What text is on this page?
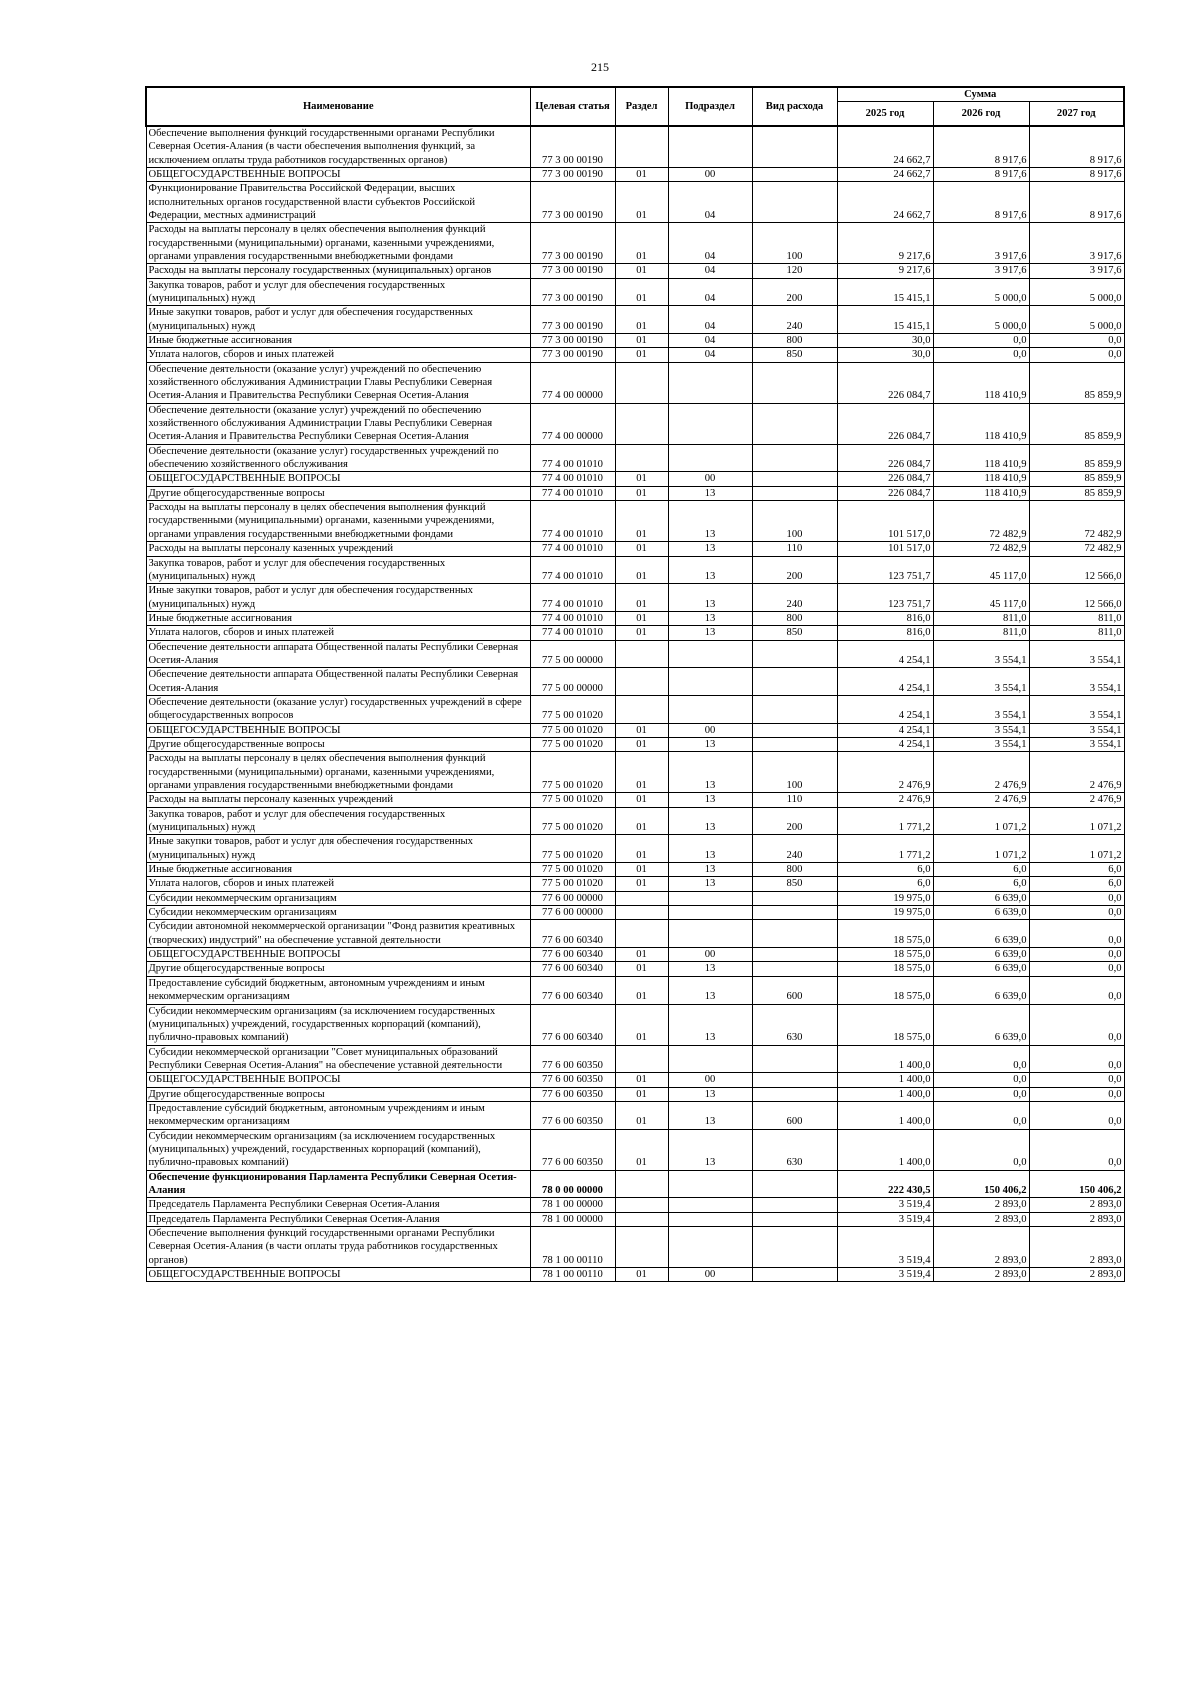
215
Наименование	Целевая статья	Раздел	Подраздел	Вид расхода	Сумма		
					2025 год	2026 год	2027 год
Обеспечение выполнения функций государственными органами Республики Северная Осетия-Алания (в части обеспечения выполнения функций, за исключением оплаты труда работников государственных органов)	77 3 00 00190				24 662,7	8 917,6	8 917,6
ОБЩЕГОСУДАРСТВЕННЫЕ ВОПРОСЫ	77 3 00 00190	01	00		24 662,7	8 917,6	8 917,6
Функционирование Правительства Российской Федерации, высших исполнительных органов государственной власти субъектов Российской Федерации, местных администраций	77 3 00 00190	01	04		24 662,7	8 917,6	8 917,6
Расходы на выплаты персоналу в целях обеспечения выполнения функций государственными (муниципальными) органами, казенными учреждениями, органами управления государственными внебюджетными фондами	77 3 00 00190	01	04	100	9 217,6	3 917,6	3 917,6
Расходы на выплаты персоналу государственных (муниципальных) органов	77 3 00 00190	01	04	120	9 217,6	3 917,6	3 917,6
Закупка товаров, работ и услуг для обеспечения государственных (муниципальных) нужд	77 3 00 00190	01	04	200	15 415,1	5 000,0	5 000,0
Иные закупки товаров, работ и услуг для обеспечения государственных (муниципальных) нужд	77 3 00 00190	01	04	240	15 415,1	5 000,0	5 000,0
Иные бюджетные ассигнования	77 3 00 00190	01	04	800	30,0	0,0	0,0
Уплата налогов, сборов и иных платежей	77 3 00 00190	01	04	850	30,0	0,0	0,0
Обеспечение деятельности (оказание услуг) учреждений по обеспечению хозяйственного обслуживания Администрации Главы Республики Северная Осетия-Алания и Правительства Республики Северная Осетия-Алания	77 4 00 00000				226 084,7	118 410,9	85 859,9
Обеспечение деятельности (оказание услуг) учреждений по обеспечению хозяйственного обслуживания Администрации Главы Республики Северная Осетия-Алания и Правительства Республики Северная Осетия-Алания	77 4 00 00000				226 084,7	118 410,9	85 859,9
Обеспечение деятельности (оказание услуг) государственных учреждений по обеспечению хозяйственного обслуживания	77 4 00 01010				226 084,7	118 410,9	85 859,9
ОБЩЕГОСУДАРСТВЕННЫЕ ВОПРОСЫ	77 4 00 01010	01	00		226 084,7	118 410,9	85 859,9
Другие общегосударственные вопросы	77 4 00 01010	01	13		226 084,7	118 410,9	85 859,9
Расходы на выплаты персоналу в целях обеспечения выполнения функций государственными (муниципальными) органами, казенными учреждениями, органами управления государственными внебюджетными фондами	77 4 00 01010	01	13	100	101 517,0	72 482,9	72 482,9
Расходы на выплаты персоналу казенных учреждений	77 4 00 01010	01	13	110	101 517,0	72 482,9	72 482,9
Закупка товаров, работ и услуг для обеспечения государственных (муниципальных) нужд	77 4 00 01010	01	13	200	123 751,7	45 117,0	12 566,0
Иные закупки товаров, работ и услуг для обеспечения государственных (муниципальных) нужд	77 4 00 01010	01	13	240	123 751,7	45 117,0	12 566,0
Иные бюджетные ассигнования	77 4 00 01010	01	13	800	816,0	811,0	811,0
Уплата налогов, сборов и иных платежей	77 4 00 01010	01	13	850	816,0	811,0	811,0
Обеспечение деятельности аппарата Общественной палаты Республики Северная Осетия-Алания	77 5 00 00000				4 254,1	3 554,1	3 554,1
Обеспечение деятельности аппарата Общественной палаты Республики Северная Осетия-Алания	77 5 00 00000				4 254,1	3 554,1	3 554,1
Обеспечение деятельности (оказание услуг) государственных учреждений в сфере общегосударственных вопросов	77 5 00 01020				4 254,1	3 554,1	3 554,1
ОБЩЕГОСУДАРСТВЕННЫЕ ВОПРОСЫ	77 5 00 01020	01	00		4 254,1	3 554,1	3 554,1
Другие общегосударственные вопросы	77 5 00 01020	01	13		4 254,1	3 554,1	3 554,1
Расходы на выплаты персоналу в целях обеспечения выполнения функций государственными (муниципальными) органами, казенными учреждениями, органами управления государственными внебюджетными фондами	77 5 00 01020	01	13	100	2 476,9	2 476,9	2 476,9
Расходы на выплаты персоналу казенных учреждений	77 5 00 01020	01	13	110	2 476,9	2 476,9	2 476,9
Закупка товаров, работ и услуг для обеспечения государственных (муниципальных) нужд	77 5 00 01020	01	13	200	1 771,2	1 071,2	1 071,2
Иные закупки товаров, работ и услуг для обеспечения государственных (муниципальных) нужд	77 5 00 01020	01	13	240	1 771,2	1 071,2	1 071,2
Иные бюджетные ассигнования	77 5 00 01020	01	13	800	6,0	6,0	6,0
Уплата налогов, сборов и иных платежей	77 5 00 01020	01	13	850	6,0	6,0	6,0
Субсидии некоммерческим организациям	77 6 00 00000				19 975,0	6 639,0	0,0
Субсидии некоммерческим организациям	77 6 00 00000				19 975,0	6 639,0	0,0
Субсидии автономной некоммерческой организации "Фонд развития креативных (творческих) индустрий" на обеспечение уставной деятельности	77 6 00 60340				18 575,0	6 639,0	0,0
ОБЩЕГОСУДАРСТВЕННЫЕ ВОПРОСЫ	77 6 00 60340	01	00		18 575,0	6 639,0	0,0
Другие общегосударственные вопросы	77 6 00 60340	01	13		18 575,0	6 639,0	0,0
Предоставление субсидий бюджетным, автономным учреждениям и иным некоммерческим организациям	77 6 00 60340	01	13	600	18 575,0	6 639,0	0,0
Субсидии некоммерческим организациям (за исключением государственных (муниципальных) учреждений, государственных корпораций (компаний), публично-правовых компаний)	77 6 00 60340	01	13	630	18 575,0	6 639,0	0,0
Субсидии некоммерческой организации "Совет муниципальных образований Республики Северная Осетия-Алания" на обеспечение уставной деятельности	77 6 00 60350				1 400,0	0,0	0,0
ОБЩЕГОСУДАРСТВЕННЫЕ ВОПРОСЫ	77 6 00 60350	01	00		1 400,0	0,0	0,0
Другие общегосударственные вопросы	77 6 00 60350	01	13		1 400,0	0,0	0,0
Предоставление субсидий бюджетным, автономным учреждениям и иным некоммерческим организациям	77 6 00 60350	01	13	600	1 400,0	0,0	0,0
Субсидии некоммерческим организациям (за исключением государственных (муниципальных) учреждений, государственных корпораций (компаний), публично-правовых компаний)	77 6 00 60350	01	13	630	1 400,0	0,0	0,0
Обеспечение функционирования Парламента Республики Северная Осетия-Алания	78 0 00 00000				222 430,5	150 406,2	150 406,2
Председатель Парламента Республики Северная Осетия-Алания	78 1 00 00000				3 519,4	2 893,0	2 893,0
Председатель Парламента Республики Северная Осетия-Алания	78 1 00 00000				3 519,4	2 893,0	2 893,0
Обеспечение выполнения функций государственными органами Республики Северная Осетия-Алания (в части оплаты труда работников государственных органов)	78 1 00 00110				3 519,4	2 893,0	2 893,0
ОБЩЕГОСУДАРСТВЕННЫЕ ВОПРОСЫ	78 1 00 00110	01	00		3 519,4	2 893,0	2 893,0
